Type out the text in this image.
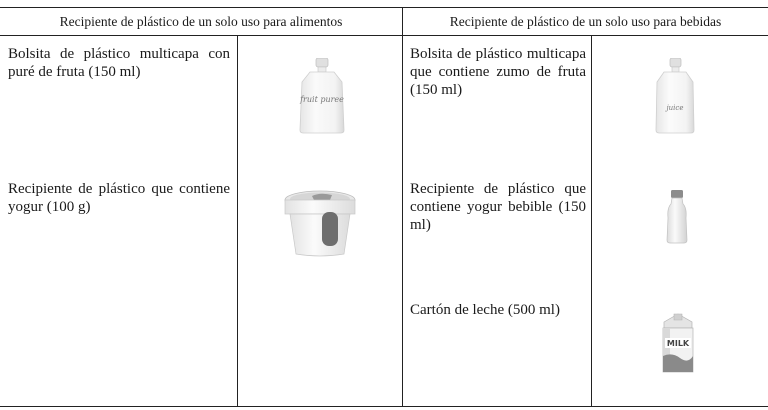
Recipiente de plástico de un solo uso para alimentos	Recipiente de plástico de un solo uso para bebidas
Bolsita de plástico multicapa con puré de fruta (150 ml)
Recipiente de plástico que contiene yogur (100 g)
Bolsita de plástico multicapa que contiene zumo de fruta (150 ml)
Recipiente de plástico que contiene yogur bebible (150 ml)
Cartón de leche (500 ml)
fruit puree
juice
MILK
